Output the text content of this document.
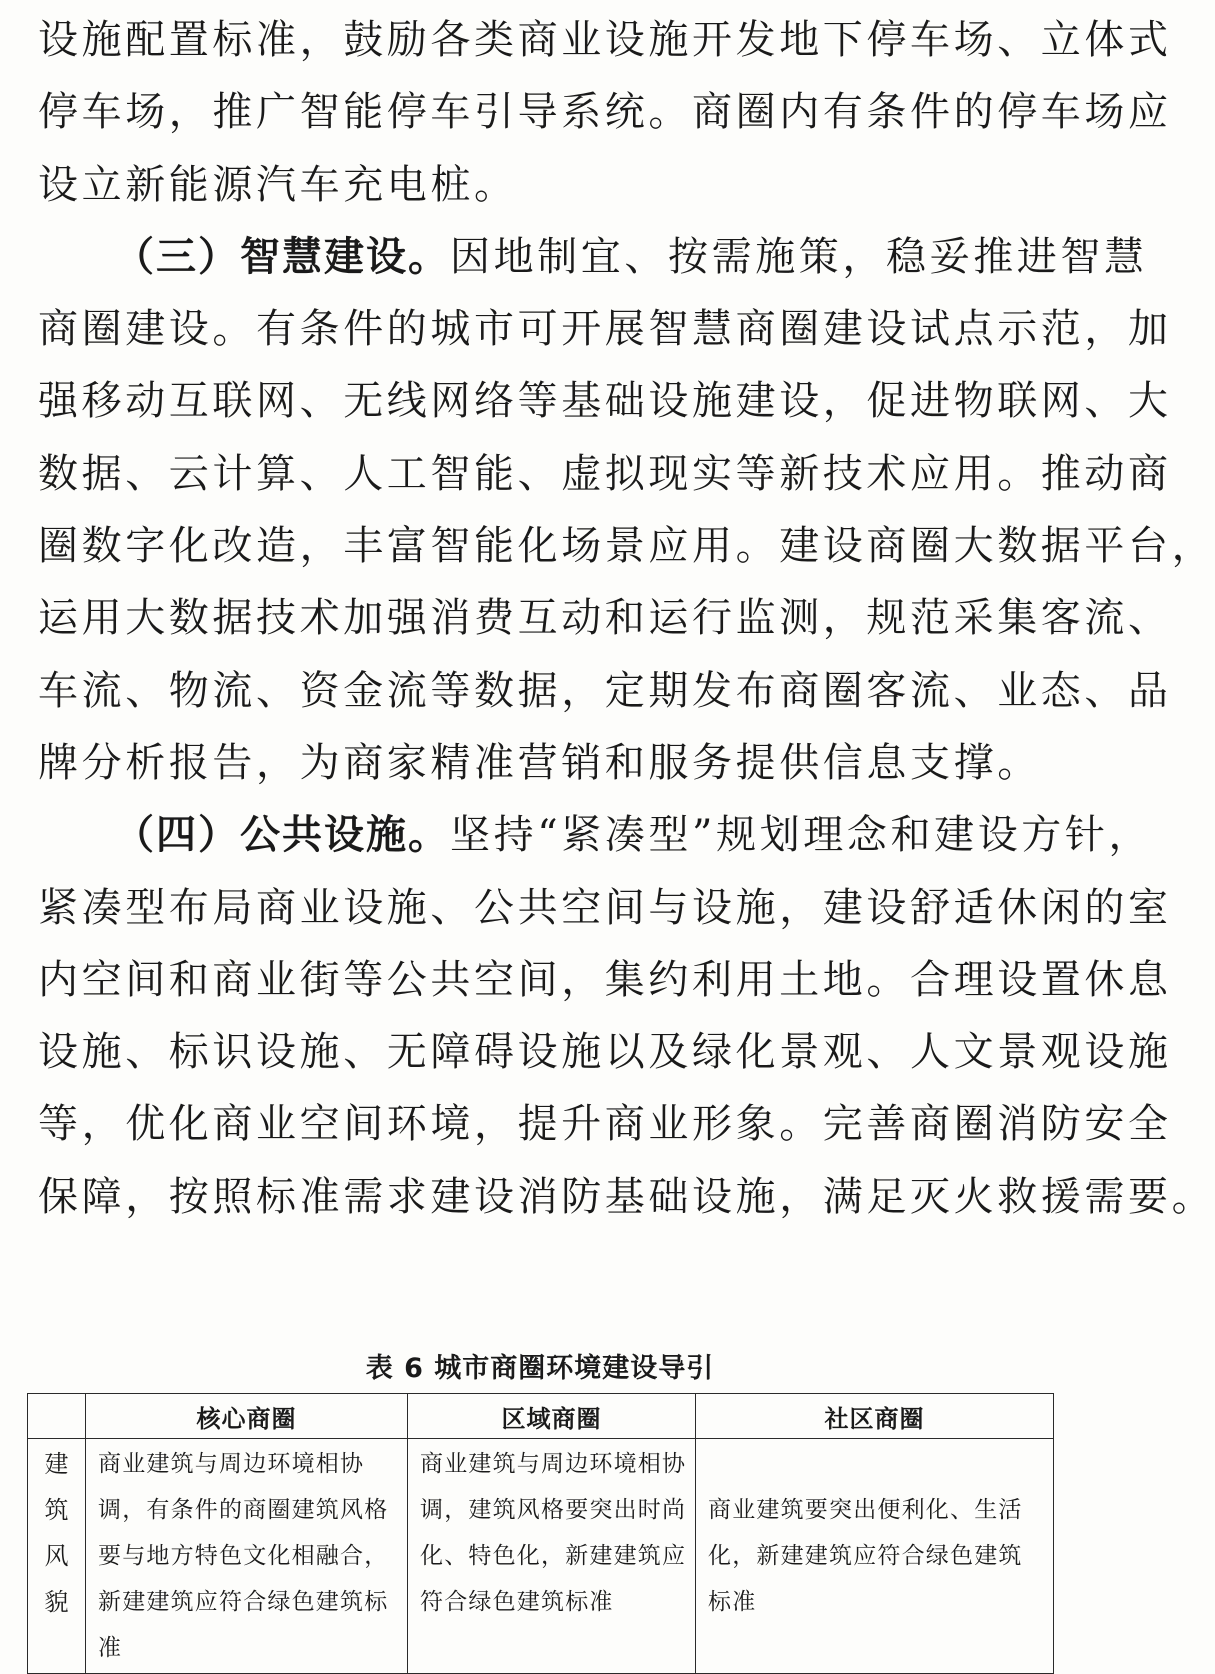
设施配置标准，鼓励各类商业设施开发地下停车场、立体式
停车场，推广智能停车引导系统。商圈内有条件的停车场应
设立新能源汽车充电桩。
（三）智慧建设。因地制宜、按需施策，稳妥推进智慧
商圈建设。有条件的城市可开展智慧商圈建设试点示范，加
强移动互联网、无线网络等基础设施建设，促进物联网、大
数据、云计算、人工智能、虚拟现实等新技术应用。推动商
圈数字化改造，丰富智能化场景应用。建设商圈大数据平台，
运用大数据技术加强消费互动和运行监测，规范采集客流、
车流、物流、资金流等数据，定期发布商圈客流、业态、品
牌分析报告，为商家精准营销和服务提供信息支撑。
（四）公共设施。坚持“紧凑型”规划理念和建设方针，
紧凑型布局商业设施、公共空间与设施，建设舒适休闲的室
内空间和商业街等公共空间，集约利用土地。合理设置休息
设施、标识设施、无障碍设施以及绿化景观、人文景观设施
等，优化商业空间环境，提升商业形象。完善商圈消防安全
保障，按照标准需求建设消防基础设施，满足灭火救援需要。
表 6 城市商圈环境建设导引
	核心商圈	区域商圈	社区商圈

建
筑
风
貌	商业建筑与周边环境相协调，有条件的商圈建筑风格要与地方特色文化相融合，新建建筑应符合绿色建筑标准	商业建筑与周边环境相协调，建筑风格要突出时尚化、特色化，新建建筑应符合绿色建筑标准	商业建筑要突出便利化、生活化，新建建筑应符合绿色建筑标准
